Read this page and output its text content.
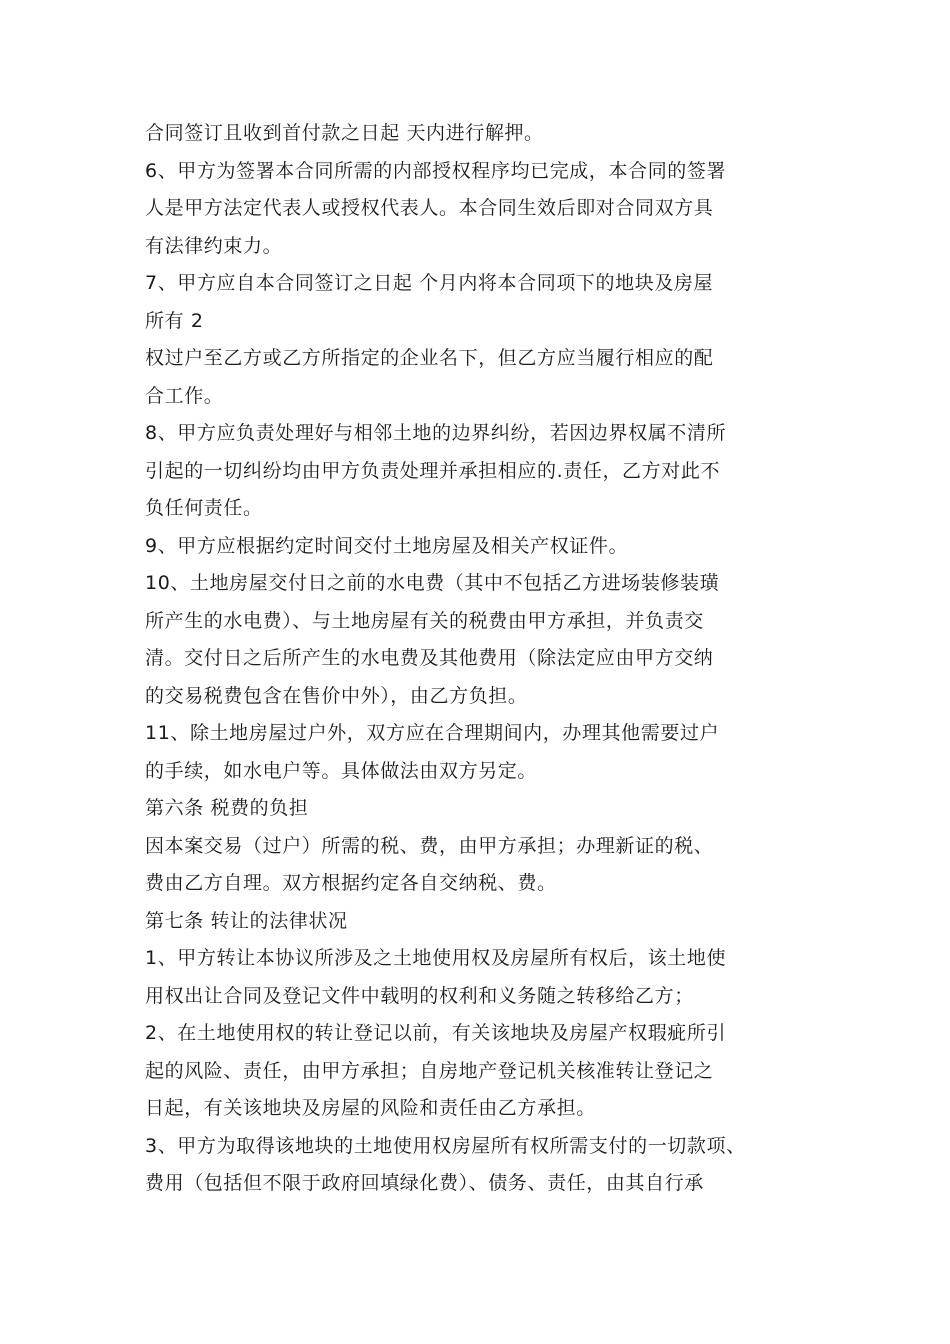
合同签订且收到首付款之日起 天内进行解押。
6、甲方为签署本合同所需的内部授权程序均已完成，本合同的签署
人是甲方法定代表人或授权代表人。本合同生效后即对合同双方具
有法律约束力。
7、甲方应自本合同签订之日起 个月内将本合同项下的地块及房屋
所有 2
权过户至乙方或乙方所指定的企业名下，但乙方应当履行相应的配
合工作。
8、甲方应负责处理好与相邻土地的边界纠纷，若因边界权属不清所
引起的一切纠纷均由甲方负责处理并承担相应的.责任，乙方对此不
负任何责任。
9、甲方应根据约定时间交付土地房屋及相关产权证件。
10、土地房屋交付日之前的水电费（其中不包括乙方进场装修装璜
所产生的水电费）、与土地房屋有关的税费由甲方承担，并负责交
清。交付日之后所产生的水电费及其他费用（除法定应由甲方交纳
的交易税费包含在售价中外），由乙方负担。
11、除土地房屋过户外，双方应在合理期间内，办理其他需要过户
的手续，如水电户等。具体做法由双方另定。
第六条 税费的负担
因本案交易（过户）所需的税、费，由甲方承担；办理新证的税、
费由乙方自理。双方根据约定各自交纳税、费。
第七条 转让的法律状况
1、甲方转让本协议所涉及之土地使用权及房屋所有权后，该土地使
用权出让合同及登记文件中载明的权利和义务随之转移给乙方；
2、在土地使用权的转让登记以前，有关该地块及房屋产权瑕疵所引
起的风险、责任，由甲方承担；自房地产登记机关核准转让登记之
日起，有关该地块及房屋的风险和责任由乙方承担。
3、甲方为取得该地块的土地使用权房屋所有权所需支付的一切款项、
费用（包括但不限于政府回填绿化费）、债务、责任，由其自行承
